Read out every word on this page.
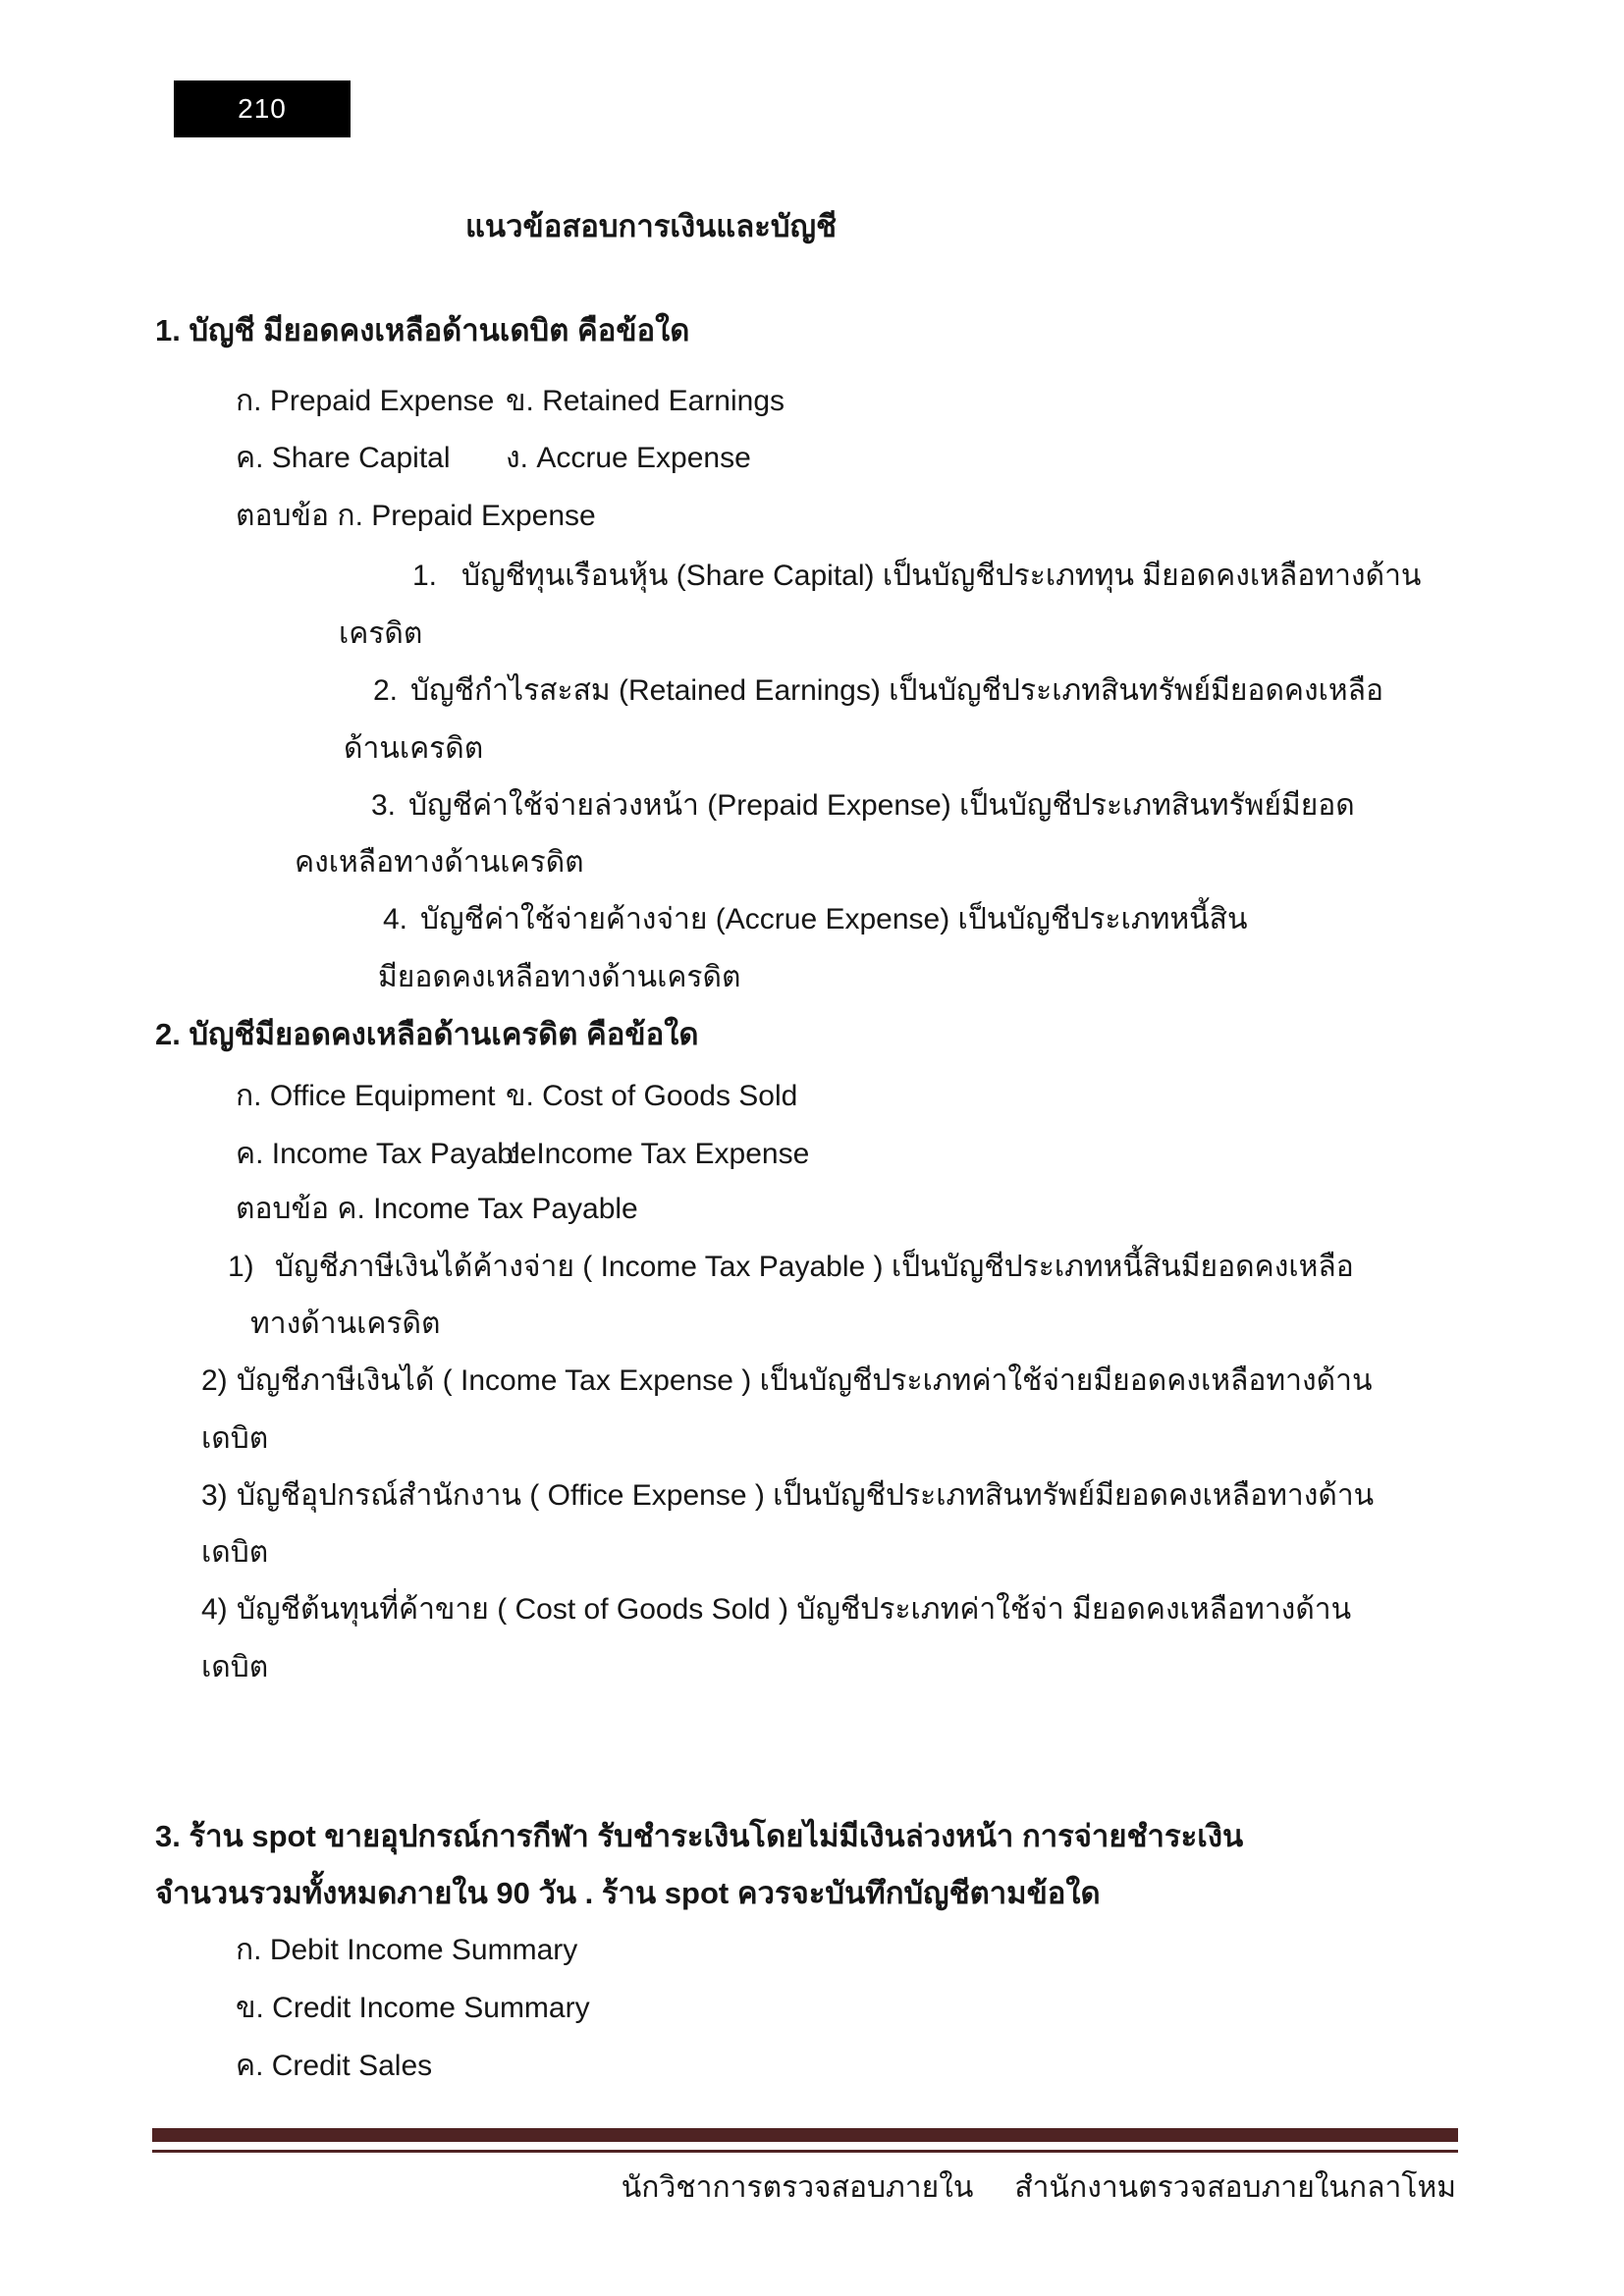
210
แนวข้อสอบการเงินและบัญชี
1. บัญชี มียอดคงเหลือด้านเดบิต คือข้อใด
ก. Prepaid Expense ข. Retained Earnings
ค. Share Capital ง. Accrue Expense
ตอบข้อ ก. Prepaid Expense
1. บัญชีทุนเรือนหุ้น (Share Capital) เป็นบัญชีประเภททุน มียอดคงเหลือทางด้าน
เครดิต
2. บัญชีกำไรสะสม (Retained Earnings) เป็นบัญชีประเภทสินทรัพย์มียอดคงเหลือ
ด้านเครดิต
3. บัญชีค่าใช้จ่ายล่วงหน้า (Prepaid Expense) เป็นบัญชีประเภทสินทรัพย์มียอด
คงเหลือทางด้านเครดิต
4. บัญชีค่าใช้จ่ายค้างจ่าย (Accrue Expense) เป็นบัญชีประเภทหนี้สิน
มียอดคงเหลือทางด้านเครดิต
2. บัญชีมียอดคงเหลือด้านเครดิต คือข้อใด
ก. Office Equipment ข. Cost of Goods Sold
ค. Income Tax Payable
ง. Income Tax Expense
ตอบข้อ ค. Income Tax Payable
1) บัญชีภาษีเงินได้ค้างจ่าย ( Income Tax Payable ) เป็นบัญชีประเภทหนี้สินมียอดคงเหลือ
ทางด้านเครดิต
2) บัญชีภาษีเงินได้ ( Income Tax Expense ) เป็นบัญชีประเภทค่าใช้จ่ายมียอดคงเหลือทางด้าน
เดบิต
3) บัญชีอุปกรณ์สำนักงาน ( Office Expense ) เป็นบัญชีประเภทสินทรัพย์มียอดคงเหลือทางด้าน
เดบิต
4) บัญชีต้นทุนที่ค้าขาย ( Cost of Goods Sold ) บัญชีประเภทค่าใช้จ่า มียอดคงเหลือทางด้าน
เดบิต
3. ร้าน spot ขายอุปกรณ์การกีฬา รับชำระเงินโดยไม่มีเงินล่วงหน้า การจ่ายชำระเงิน
จำนวนรวมทั้งหมดภายใน 90 วัน . ร้าน spot ควรจะบันทึกบัญชีตามข้อใด
ก. Debit Income Summary
ข. Credit Income Summary
ค. Credit Sales
นักวิชาการตรวจสอบภายใน สำนักงานตรวจสอบภายในกลาโหม
